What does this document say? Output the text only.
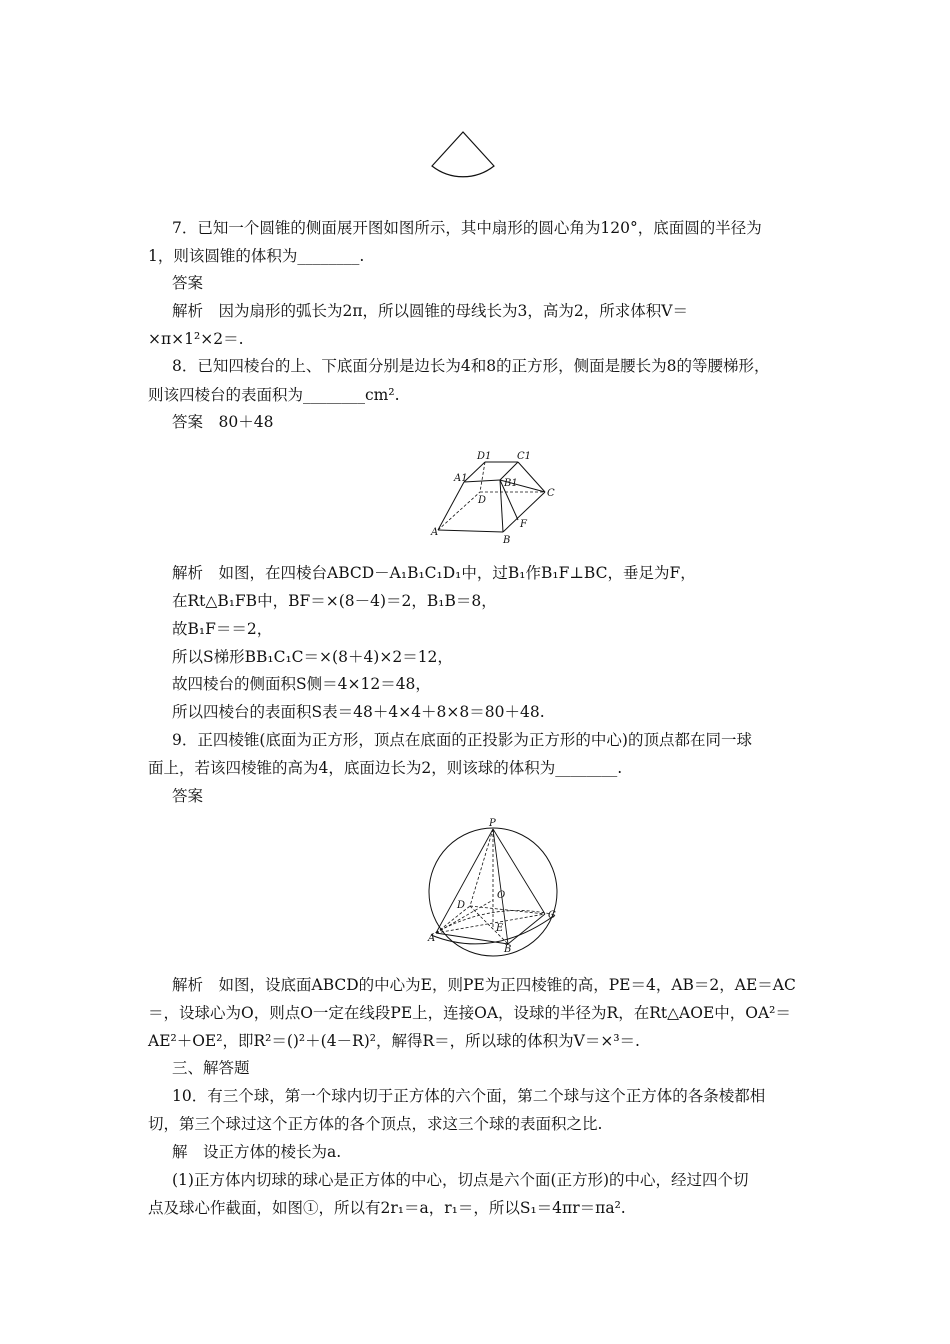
7．已知一个圆锥的侧面展开图如图所示，其中扇形的圆心角为120°，底面圆的半径为
1，则该圆锥的体积为________.
答案
解析　因为扇形的弧长为2π，所以圆锥的母线长为3，高为2，所求体积V＝
×π×1²×2＝.
8．已知四棱台的上、下底面分别是边长为4和8的正方形，侧面是腰长为8的等腰梯形，
则该四棱台的表面积为________cm².
答案　80＋48
D1	C1
A1	B1
D
C
A
F
B
解析　如图，在四棱台ABCD－A₁B₁C₁D₁中，过B₁作B₁F⊥BC，垂足为F，
在Rt△B₁FB中，BF＝×(8－4)＝2，B₁B＝8，
故B₁F＝＝2，
所以S梯形BB₁C₁C＝×(8＋4)×2＝12，
故四棱台的侧面积S侧＝4×12＝48，
所以四棱台的表面积S表＝48＋4×4＋8×8＝80＋48.
9．正四棱锥(底面为正方形，顶点在底面的正投影为正方形的中心)的顶点都在同一球
面上，若该四棱锥的高为4，底面边长为2，则该球的体积为________.
答案
P
O
D
C
E
A
B
解析　如图，设底面ABCD的中心为E，则PE为正四棱锥的高，PE＝4，AB＝2，AE＝AC
＝，设球心为O，则点O一定在线段PE上，连接OA，设球的半径为R，在Rt△AOE中，OA²＝
AE²＋OE²，即R²＝()²＋(4－R)²，解得R＝，所以球的体积为V＝×³＝.
三、解答题
10．有三个球，第一个球内切于正方体的六个面，第二个球与这个正方体的各条棱都相
切，第三个球过这个正方体的各个顶点，求这三个球的表面积之比.
解　设正方体的棱长为a.
(1)正方体内切球的球心是正方体的中心，切点是六个面(正方形)的中心，经过四个切
点及球心作截面，如图①，所以有2r₁＝a，r₁＝，所以S₁＝4πr＝πa².
